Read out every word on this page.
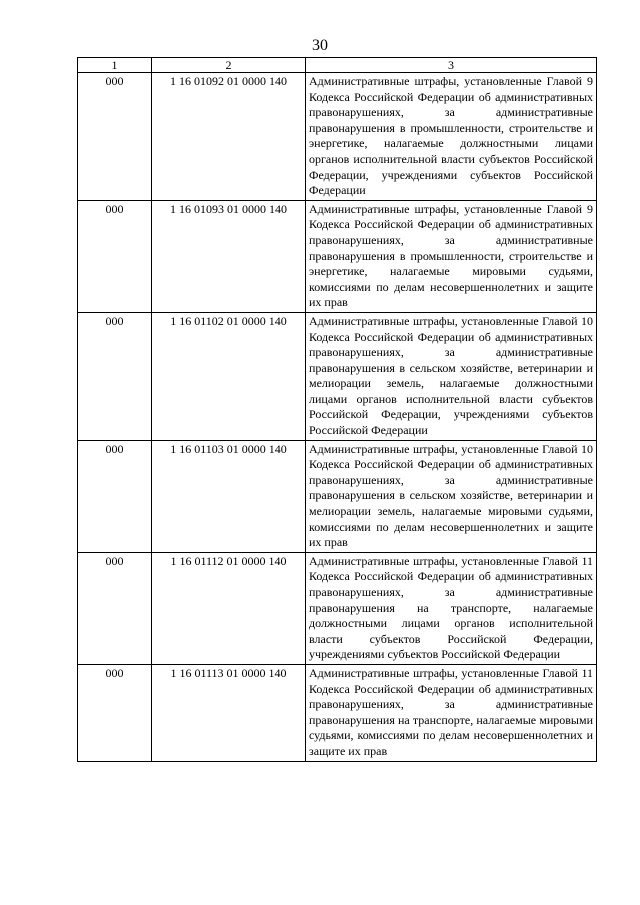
30
1	2	3
000	1 16 01092 01 0000 140	Административные штрафы, установленные Главой 9 Кодекса Российской Федерации об административных правонарушениях, за административные правонарушения в промышленности, строительстве и энергетике, налагаемые должностными лицами органов исполнительной власти субъектов Российской Федерации, учреждениями субъектов Российской Федерации
000	1 16 01093 01 0000 140	Административные штрафы, установленные Главой 9 Кодекса Российской Федерации об административных правонарушениях, за административные правонарушения в промышленности, строительстве и энергетике, налагаемые мировыми судьями, комиссиями по делам несовершеннолетних и защите их прав
000	1 16 01102 01 0000 140	Административные штрафы, установленные Главой 10 Кодекса Российской Федерации об административных правонарушениях, за административные правонарушения в сельском хозяйстве, ветеринарии и мелиорации земель, налагаемые должностными лицами органов исполнительной власти субъектов Российской Федерации, учреждениями субъектов Российской Федерации
000	1 16 01103 01 0000 140	Административные штрафы, установленные Главой 10 Кодекса Российской Федерации об административных правонарушениях, за административные правонарушения в сельском хозяйстве, ветеринарии и мелиорации земель, налагаемые мировыми судьями, комиссиями по делам несовершеннолетних и защите их прав
000	1 16 01112 01 0000 140	Административные штрафы, установленные Главой 11 Кодекса Российской Федерации об административных правонарушениях, за административные правонарушения на транспорте, налагаемые должностными лицами органов исполнительной власти субъектов Российской Федерации, учреждениями субъектов Российской Федерации
000	1 16 01113 01 0000 140	Административные штрафы, установленные Главой 11 Кодекса Российской Федерации об административных правонарушениях, за административные правонарушения на транспорте, налагаемые мировыми судьями, комиссиями по делам несовершеннолетних и защите их прав
